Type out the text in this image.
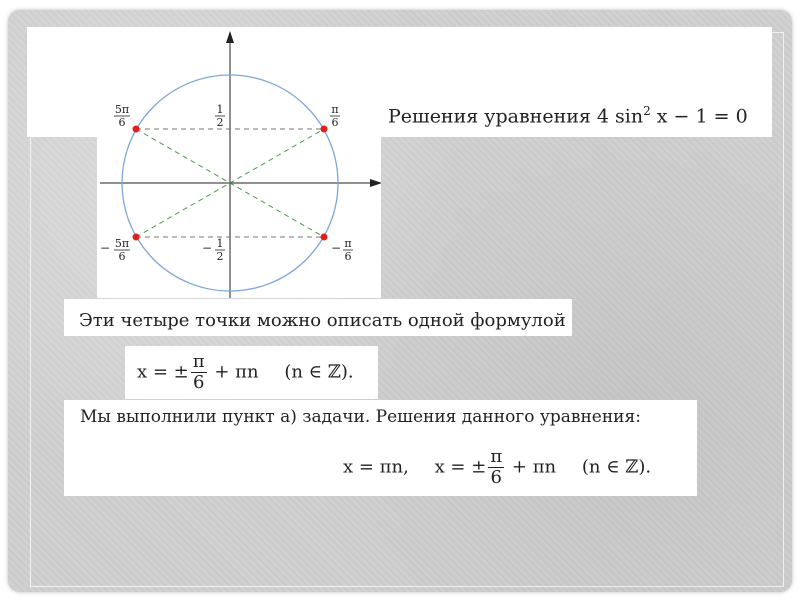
Решения уравнения 4 $\sin^2 x - 1 = 0$
5π
6
1
2
π
6
− 5π
6
− 1
2
− π
6
Эти четыре точки можно описать одной формулой
x = ± $\frac{\pi}{6} + \pi n$ (n ∈ ℤ).
Мы выполнили пункт а) задачи. Решения данного уравнения:
x = πn, x = ± $\frac{\pi}{6} + \pi n$ (n ∈ ℤ).
